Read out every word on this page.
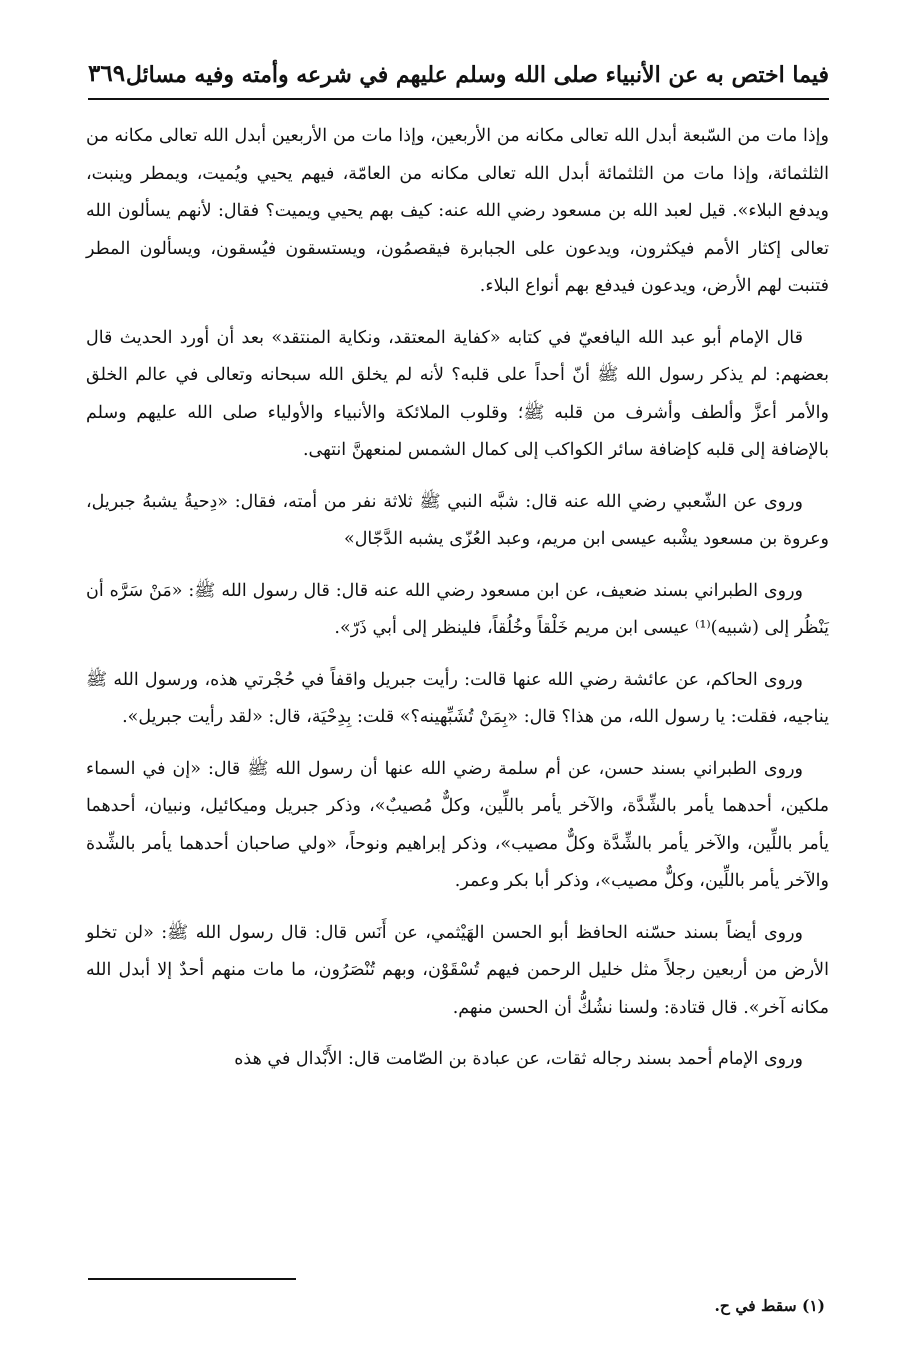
فيما اختص به عن الأنبياء صلى الله وسلم عليهم في شرعه وأمته وفيه مسائل
٣٦٩

وإذا مات من السّبعة أبدل الله تعالى مكانه من الأربعين، وإذا مات من الأربعين أبدل الله تعالى مكانه من الثلثمائة، وإذا مات من الثلثمائة أبدل الله تعالى مكانه من العامّة، فيهم يحيي ويُميت، ويمطر وينبت، ويدفع البلاء». قيل لعبد الله بن مسعود رضي الله عنه: كيف بهم يحيي ويميت؟ فقال: لأنهم يسألون الله تعالى إكثار الأمم فيكثرون، ويدعون على الجبابرة فيقصمُون، ويستسقون فيُسقون، ويسألون المطر فتنبت لهم الأرض، ويدعون فيدفع بهم أنواع البلاء.

قال الإمام أبو عبد الله اليافعيّ في كتابه «كفاية المعتقد، ونكاية المنتقد» بعد أن أورد الحديث قال بعضهم: لم يذكر رسول الله ﷺ أنّ أحداً على قلبه؟ لأنه لم يخلق الله سبحانه وتعالى في عالم الخلق والأمر أعزَّ وألطف وأشرف من قلبه ﷺ؛ وقلوب الملائكة والأنبياء والأولياء صلى الله عليهم وسلم بالإضافة إلى قلبه كإضافة سائر الكواكب إلى كمال الشمس لمنعهنَّ انتهى.

وروى عن الشّعبي رضي الله عنه قال: شبَّه النبي ﷺ ثلاثة نفر من أمته، فقال: «دِحيةُ يشبهُ جبريل، وعروة بن مسعود يشْبه عيسى ابن مريم، وعبد العُزّى يشبه الدَّجّال»

وروى الطبراني بسند ضعيف، عن ابن مسعود رضي الله عنه قال: قال رسول الله ﷺ: «مَنْ سَرَّه أن يَنْظُر إلى (شبيه)⁽¹⁾ عيسى ابن مريم خَلْقاً وخُلُقاً، فلينظر إلى أبي ذَرّ».

وروى الحاكم، عن عائشة رضي الله عنها قالت: رأيت جبريل واقفاً في حُجْرتي هذه، ورسول الله ﷺ يناجيه، فقلت: يا رسول الله، من هذا؟ قال: «بِمَنْ تُشَبِّهينه؟» قلت: بِدِحْيَة، قال: «لقد رأيت جبريل».

وروى الطبراني بسند حسن، عن أم سلمة رضي الله عنها أن رسول الله ﷺ قال: «إن في السماء ملكين، أحدهما يأمر بالشِّدَّة، والآخر يأمر باللِّين، وكلٌّ مُصيبٌ»، وذكر جبريل وميكائيل، ونبيان، أحدهما يأمر باللِّين، والآخر يأمر بالشِّدَّة وكلٌّ مصيب»، وذكر إبراهيم ونوحاً، «ولي صاحبان أحدهما يأمر بالشِّدة والآخر يأمر باللِّين، وكلٌّ مصيب»، وذكر أبا بكر وعمر.

وروى أيضاً بسند حسّنه الحافظ أبو الحسن الهَيْثمي، عن أَنَس قال: قال رسول الله ﷺ: «لن تخلو الأرض من أربعين رجلاً مثل خليل الرحمن فيهم تُسْقَوْن، وبهم تُنْصَرُون، ما مات منهم أحدٌ إلا أبدل الله مكانه آخر». قال قتادة: ولسنا نشُكُّ أن الحسن منهم.

وروى الإمام أحمد بسند رجاله ثقات، عن عبادة بن الصّامت قال: الأَبْدال في هذه

(١) سقط في ح.
